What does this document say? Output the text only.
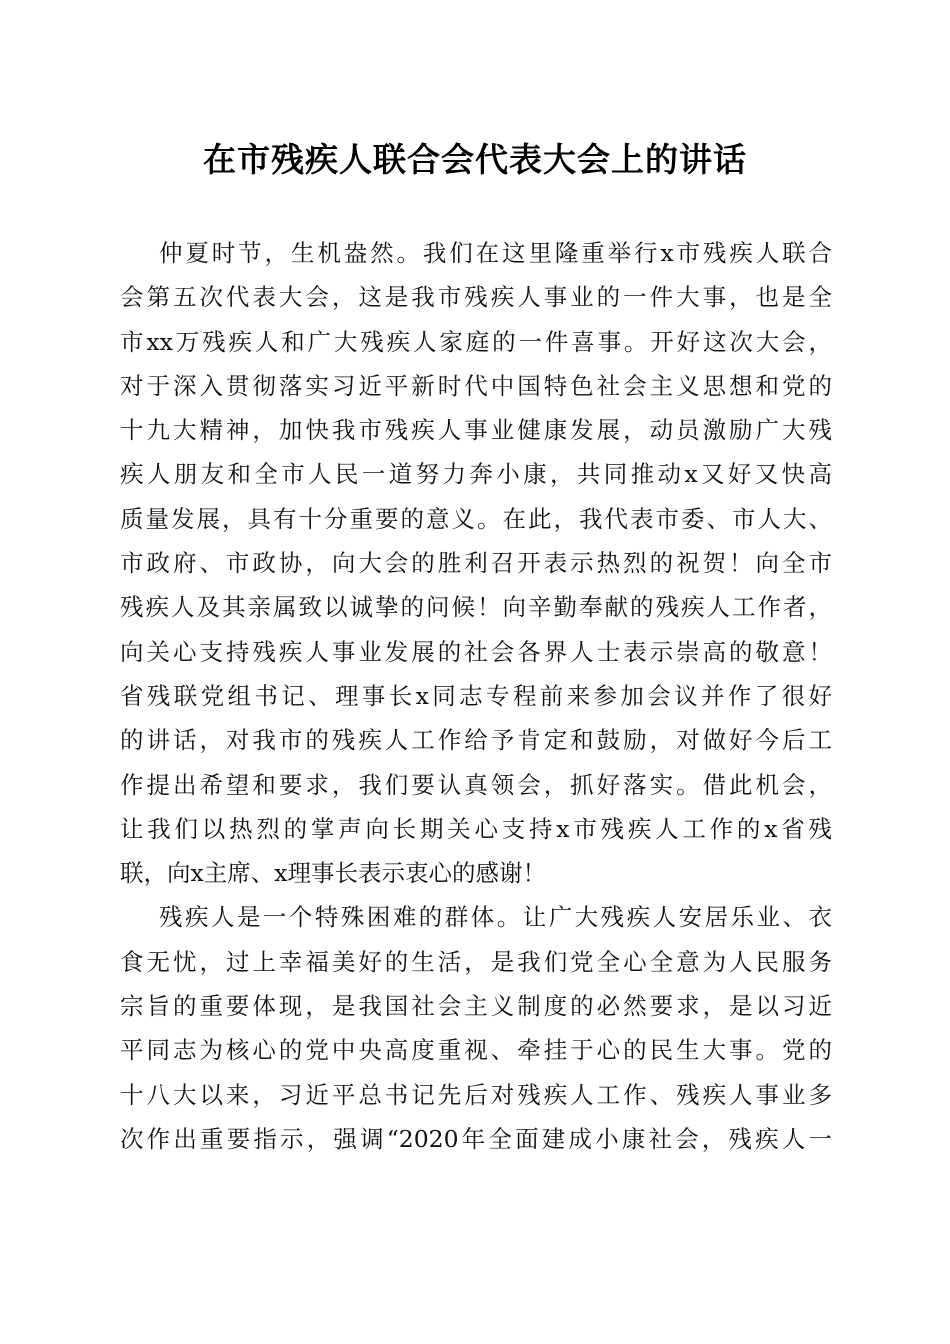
在市残疾人联合会代表大会上的讲话
仲夏时节，生机盎然。我们在这里隆重举行x市残疾人联合
会第五次代表大会，这是我市残疾人事业的一件大事，也是全
市xx万残疾人和广大残疾人家庭的一件喜事。开好这次大会，
对于深入贯彻落实习近平新时代中国特色社会主义思想和党的
十九大精神，加快我市残疾人事业健康发展，动员激励广大残
疾人朋友和全市人民一道努力奔小康，共同推动x又好又快高
质量发展，具有十分重要的意义。在此，我代表市委、市人大、
市政府、市政协，向大会的胜利召开表示热烈的祝贺！向全市
残疾人及其亲属致以诚挚的问候！向辛勤奉献的残疾人工作者，
向关心支持残疾人事业发展的社会各界人士表示崇高的敬意！
省残联党组书记、理事长x同志专程前来参加会议并作了很好
的讲话，对我市的残疾人工作给予肯定和鼓励，对做好今后工
作提出希望和要求，我们要认真领会，抓好落实。借此机会，
让我们以热烈的掌声向长期关心支持x市残疾人工作的x省残
联，向x主席、x理事长表示衷心的感谢！
残疾人是一个特殊困难的群体。让广大残疾人安居乐业、衣
食无忧，过上幸福美好的生活，是我们党全心全意为人民服务
宗旨的重要体现，是我国社会主义制度的必然要求，是以习近
平同志为核心的党中央高度重视、牵挂于心的民生大事。党的
十八大以来，习近平总书记先后对残疾人工作、残疾人事业多
次作出重要指示，强调“2020年全面建成小康社会，残疾人一
